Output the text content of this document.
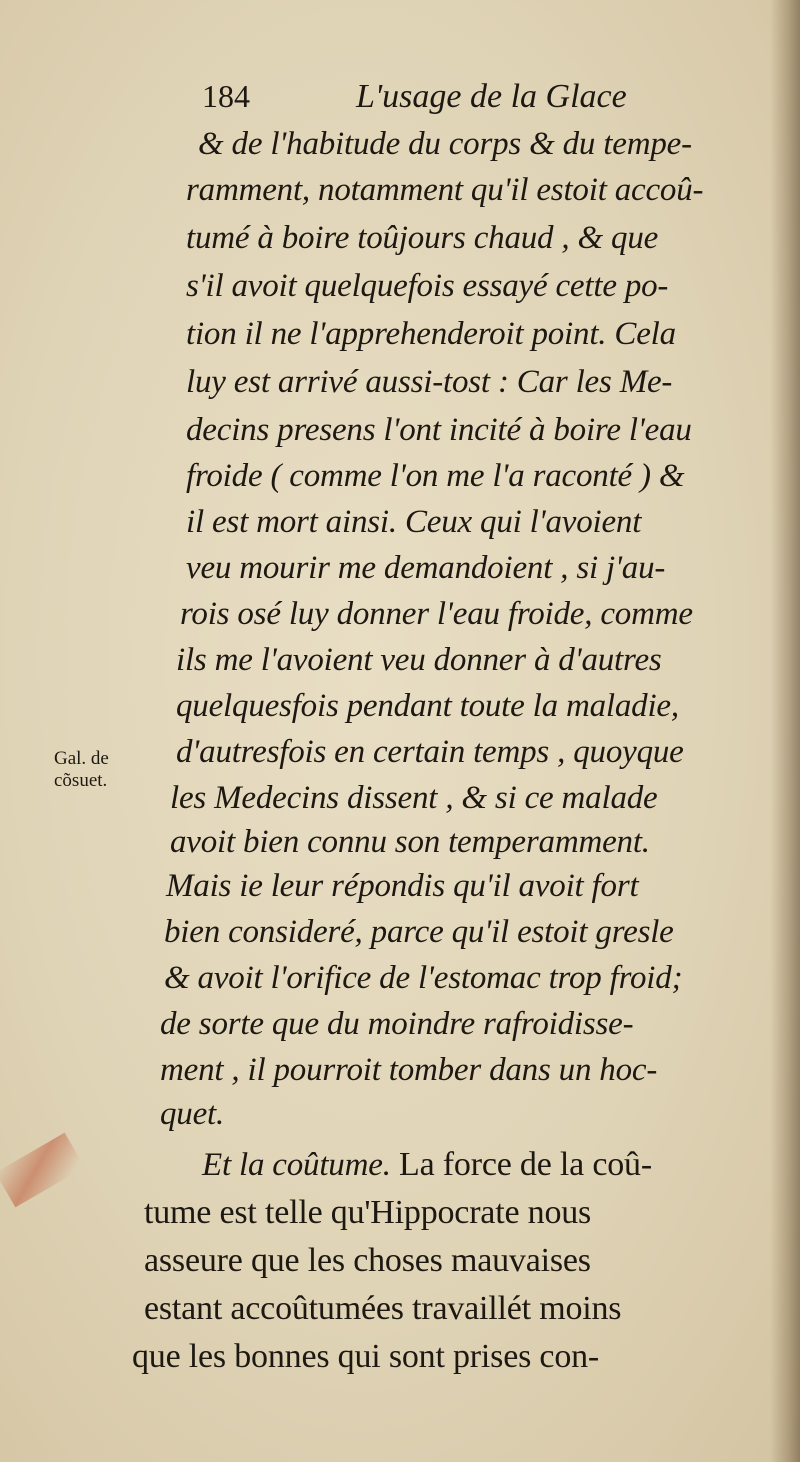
184	L'usage de la Glace
Gal. de
cõsuet.
& de l'habitude du corps & du tempe-
ramment, notamment qu'il estoit accoû-
tumé à boire toûjours chaud , & que
s'il avoit quelquefois essayé cette po-
tion il ne l'apprehenderoit point. Cela
luy est arrivé aussi-tost : Car les Me-
decins presens l'ont incité à boire l'eau
froide ( comme l'on me l'a raconté ) &
il est mort ainsi. Ceux qui l'avoient
veu mourir me demandoient , si j'au-
rois osé luy donner l'eau froide, comme
ils me l'avoient veu donner à d'autres
quelquesfois pendant toute la maladie,
d'autresfois en certain temps , quoyque
les Medecins dissent , & si ce malade
avoit bien connu son temperamment.
Mais ie leur répondis qu'il avoit fort
bien consideré, parce qu'il estoit gresle
& avoit l'orifice de l'estomac trop froid;
de sorte que du moindre rafroidisse-
ment , il pourroit tomber dans un hoc-
quet.
Et la coûtume. La force de la coû-
tume est telle qu'Hippocrate nous
asseure que les choses mauvaises
estant accoûtumées travaillét moins
que les bonnes qui sont prises con-
